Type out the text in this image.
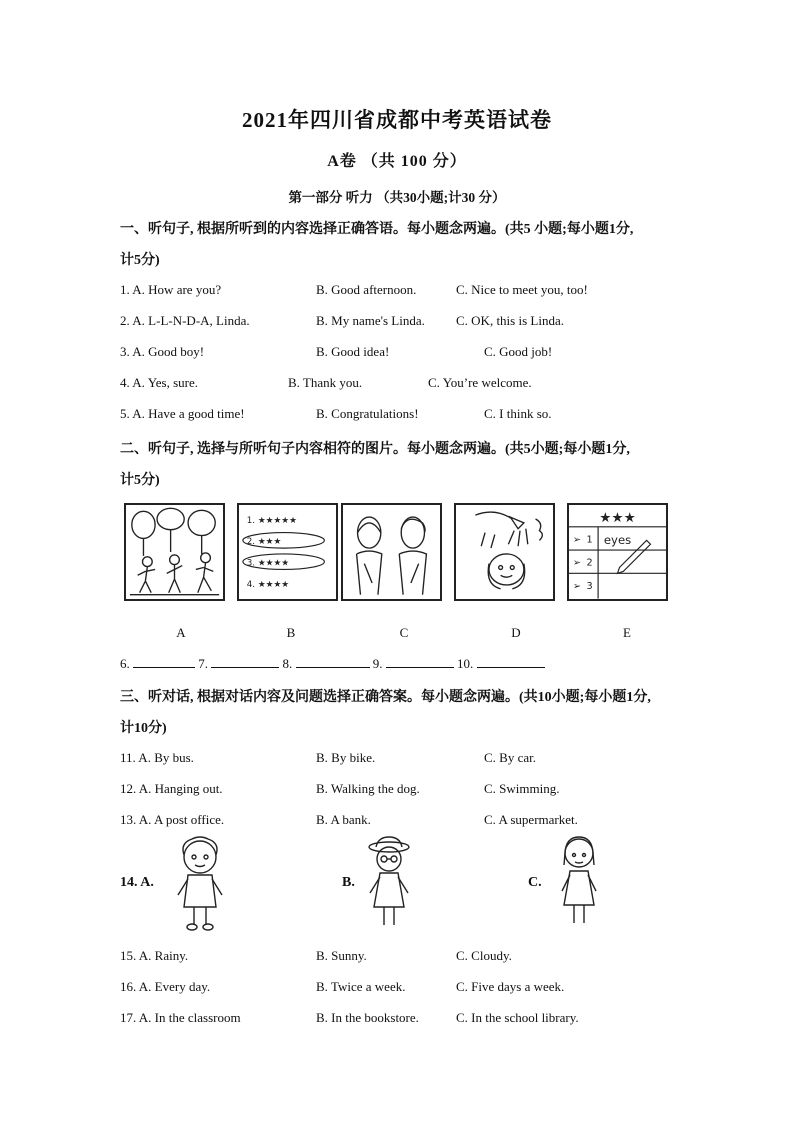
2021年四川省成都中考英语试卷
A卷 （共 100 分）
第一部分 听力 （共30小题;计30 分）
一、听句子, 根据所听到的内容选择正确答语。每小题念两遍。(共5 小题;每小题1分,
计5分)
1. A. How are you?	B. Good afternoon.	C. Nice to meet you, too!
2. A. L-L-N-D-A, Linda.	B. My name's Linda. C. OK, this is Linda.
3. A. Good boy!	B. Good idea!	C. Good job!
4. A. Yes, sure.	B. Thank you.	C. You’re welcome.
5. A. Have a good time!	B. Congratulations!	C. I think so.
二、听句子, 选择与所听句子内容相符的图片。每小题念两遍。(共5小题;每小题1分,
计5分)
1. ★★★★★
2. ★★★
3. ★★★★
4. ★★★★
★★★
➢ 1
➢ 2
➢ 3
eyes
A	B	C	D	E
6.	7.	8.	9.	10.
三、听对话, 根据对话内容及问题选择正确答案。每小题念两遍。(共10小题;每小题1分,
计10分)
11. A. By bus.	B. By bike.	C. By car.
12. A. Hanging out.	B. Walking the dog.	C. Swimming.
13. A. A post office.	B. A bank.	C. A supermarket.
14. A.	B.	C.
15. A. Rainy.	B. Sunny.	C. Cloudy.
16. A. Every day.	B. Twice a week.	C. Five days a week.
17. A. In the classroom	B. In the bookstore.	C. In the school library.
